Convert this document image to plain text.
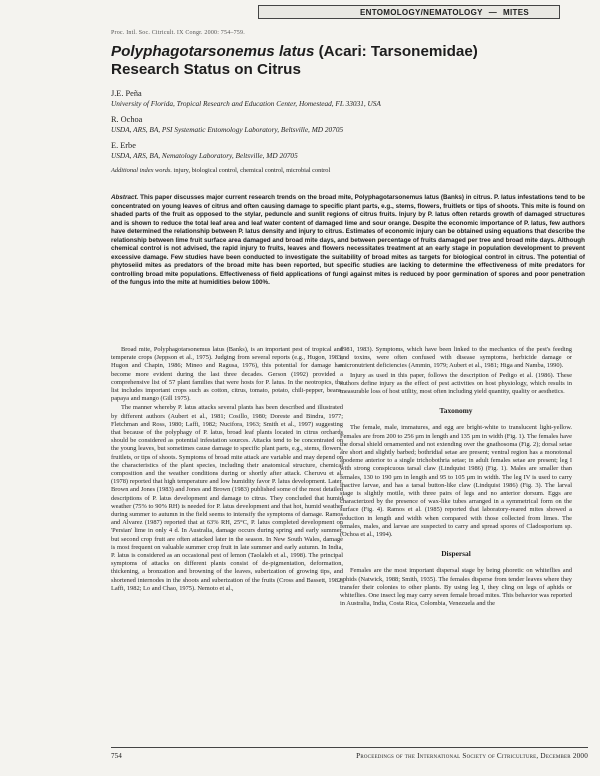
ENTOMOLOGY/NEMATOLOGY — MITES
Proc. Intl. Soc. Citricult. IX Congr. 2000: 754–759.
Polyphagotarsonemus latus (Acari: Tarsonemidae)
Research Status on Citrus
J.E. Peña
University of Florida, Tropical Research and Education Center, Homestead, FL 33031, USA
R. Ochoa
USDA, ARS, BA, PSI Systematic Entomology Laboratory, Beltsville, MD 20705
E. Erbe
USDA, ARS, BA, Nematology Laboratory, Beltsville, MD 20705
Additional index words. injury, biological control, chemical control, microbial control

Abstract. This paper discusses major current research trends on the broad mite, Polyphagotarsonemus latus (Banks) in citrus. P. latus infestations tend to be concentrated on young leaves of citrus and often causing damage to specific plant parts, e.g., stems, flowers, fruitlets or tips of shoots. This mite is found on shaded parts of the fruit as opposed to the stylar, peduncle and sunlit regions of citrus fruits. Injury by P. latus often retards growth of damaged structures and is shown to reduce the total leaf area and leaf water content of damaged lime and sour orange. Despite the economic importance of P. latus, few authors have determined the relationship between P. latus density and injury to citrus. Estimates of economic injury can be obtained using equations that describe the relationship between lime fruit surface area damaged and broad mite days, and between percentage of fruits damaged per tree and broad mite days. Although chemical control is not advised, the rapid injury to fruits, leaves and flowers necessitates treatment at an early stage in population development to prevent excessive damage. Few studies have been conducted to investigate the suitability of broad mites as targets for biological control in citrus. The potential of phytoseiid mites as predators of the broad mite has been reported, but specific studies are lacking to determine the effectiveness of mite predators for controlling broad mite populations. Effectiveness of field applications of fungi against mites is reduced by poor germination of spores and poor penetration of the fungus into the mite at humidities below 100%.

Broad mite, Polyphagotarsonemus latus (Banks), is an important pest of tropical and temperate crops (Jeppson et al., 1975). Judging from several reports (e.g., Hugon, 1983; Hugon and Chapin, 1986; Mineo and Ragusa, 1976), this potential for damage has become more evident during the last three decades. Gerson (1992) provided a comprehensive list of 57 plant families that were hosts for P. latus. In the neotropics, the list includes important crops such as cotton, citrus, tomato, potato, chili-pepper, beans, papaya and mango (Gill 1975).

The manner whereby P. latus attacks several plants has been described and illustrated by different authors (Aubert et al., 1981; Cosillo, 1980; Doreste and Bindra, 1977; Fletchman and Ross, 1980; Laffi, 1982; Nucifora, 1963; Smith et al., 1997) suggesting that because of the polyphagy of P. latus, broad leaf plants located in citrus orchards should be considered as potential infestation sources. Attacks tend to be concentrated on the young leaves, but sometimes cause damage to specific plant parts, e.g., stems, flowers, fruitlets, or tips of shoots. Symptoms of broad mite attack are variable and may depend on the characteristics of the plant species, including their anatomical structure, chemical composition and the weather conditions during or shortly after attack. Cheruvu et al. (1978) reported that high temperature and low humidity favor P. latus development. Later, Brown and Jones (1983) and Jones and Brown (1983) published some of the most detailed descriptions of P. latus development and damage to citrus. They concluded that humid weather (75% to 90% RH) is needed for P. latus development and that hot, humid weather during summer to autumn in the field seems to intensify the symptoms of damage. Ramos and Alvarez (1987) reported that at 63% RH, 25°C, P. latus completed development on 'Persian' lime in only 4 d. In Australia, damage occurs during spring and early summer, but second crop fruit are often attacked later in the season. In New South Wales, damage is most frequent on valuable summer crop fruit in late summer and early autumn. In India, P. latus is considered as an occasional pest of lemon (Taolaleh et al., 1998). The principal symptoms of attacks on different plants consist of de-pigmentation, deformation, thickening, a bronzation and browning of the leaves, suberization of growing tips, and shortened internodes in the shoots and suberization of the fruits (Cross and Bassett, 1982; Laffi, 1982; Lo and Chao, 1975). Nemoto et al.,

1981, 1983). Symptoms, which have been linked to the mechanics of the pest's feeding and toxins, were often confused with disease symptoms, herbicide damage or micronutrient deficiencies (Ammin, 1979; Aubert et al., 1981; Higa and Namba, 1990).

Injury as used in this paper, follows the description of Pedigo et al. (1986). These authors define injury as the effect of pest activities on host physiology, which results in measurable loss of host utility, most often including yield quantity, quality or aesthetics.

Taxonomy

The female, male, immatures, and egg are bright-white to translucent light-yellow. Females are from 200 to 256 µm in length and 135 µm in width (Fig. 1). The females have the dorsal shield ornamented and not extending over the gnathosoma (Fig. 2); dorsal setae are short and slightly barbed; bothridial setae are present; ventral region has a monotonal apodeme anterior to a single trichobothria setae; in adult females setae are present; leg I with strong conspicuous tarsal claw (Lindquist 1986) (Fig. 1). Males are smaller than females, 130 to 190 µm in length and 95 to 105 µm in width. The leg IV is used to carry inactive larvae, and has a tarsal button-like claw (Lindquist 1986) (Fig. 3). The larval stage is slightly motile, with three pairs of legs and no anterior dorsum. Eggs are characterized by the presence of wax-like tubes arranged in a symmetrical form on the surface (Fig. 4). Ramos et al. (1985) reported that laboratory-reared mites showed a reduction in length and width when compared with those collected from limes. The females, males, and larvae are suspected to carry and spread spores of Cladosporium sp. (Ochoa et al., 1994).

Dispersal

Females are the most important dispersal stage by being phoretic on whiteflies and aphids (Natwick, 1988; Smith, 1935). The females disperse from tender leaves where they transfer their colonies to other plants. By using leg I, they cling on legs of aphids or whiteflies. One insect leg may carry seven female broad mites. This behavior was reported in Australia, India, Costa Rica, Colombia, Venezuela and the

754	Proceedings of the International Society of Citriculture, December 2000
